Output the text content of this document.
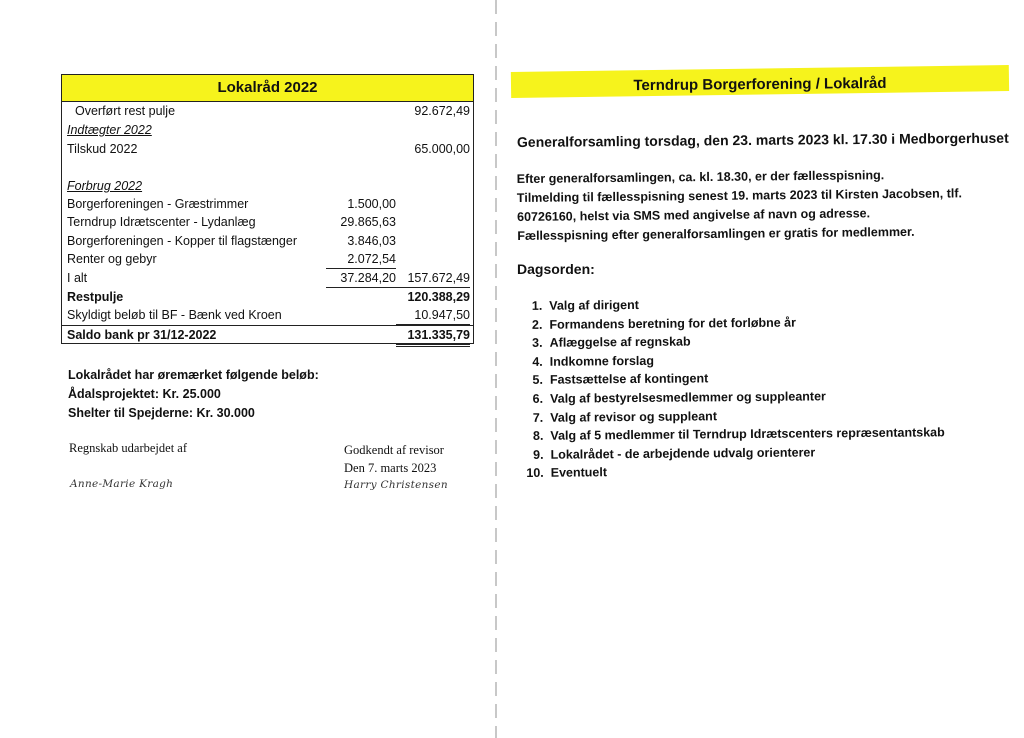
Lokalråd 2022
Overført rest pulje	92.672,49
Indtægter 2022
Tilskud 2022	65.000,00
Forbrug 2022
Borgerforeningen - Græstrimmer	1.500,00
Terndrup Idrætscenter - Lydanlæg	29.865,63
Borgerforeningen - Kopper til flagstænger	3.846,03
Renter og gebyr	2.072,54
I alt	37.284,20 157.672,49
Restpulje	120.388,29
Skyldigt beløb til BF - Bænk ved Kroen	10.947,50
Saldo bank pr 31/12-2022	131.335,79
Lokalrådet har øremærket følgende beløb:
Ådalsprojektet: Kr. 25.000
Shelter til Spejderne: Kr. 30.000
Regnskab udarbejdet af
Anne-Marie Kragh
Godkendt af revisor
Den 7. marts 2023
Harry Christensen
Terndrup Borgerforening / Lokalråd
Generalforsamling torsdag, den 23. marts 2023 kl. 17.30 i Medborgerhuset
Efter generalforsamlingen, ca. kl. 18.30, er der fællesspisning.
Tilmelding til fællesspisning senest 19. marts 2023 til Kirsten Jacobsen, tlf.
60726160, helst via SMS med angivelse af navn og adresse.
Fællesspisning efter generalforsamlingen er gratis for medlemmer.
Dagsorden:
1. Valg af dirigent
2. Formandens beretning for det forløbne år
3. Aflæggelse af regnskab
4. Indkomne forslag
5. Fastsættelse af kontingent
6. Valg af bestyrelsesmedlemmer og suppleanter
7. Valg af revisor og suppleant
8. Valg af 5 medlemmer til Terndrup Idrætscenters repræsentantskab
9. Lokalrådet - de arbejdende udvalg orienterer
10. Eventuelt
